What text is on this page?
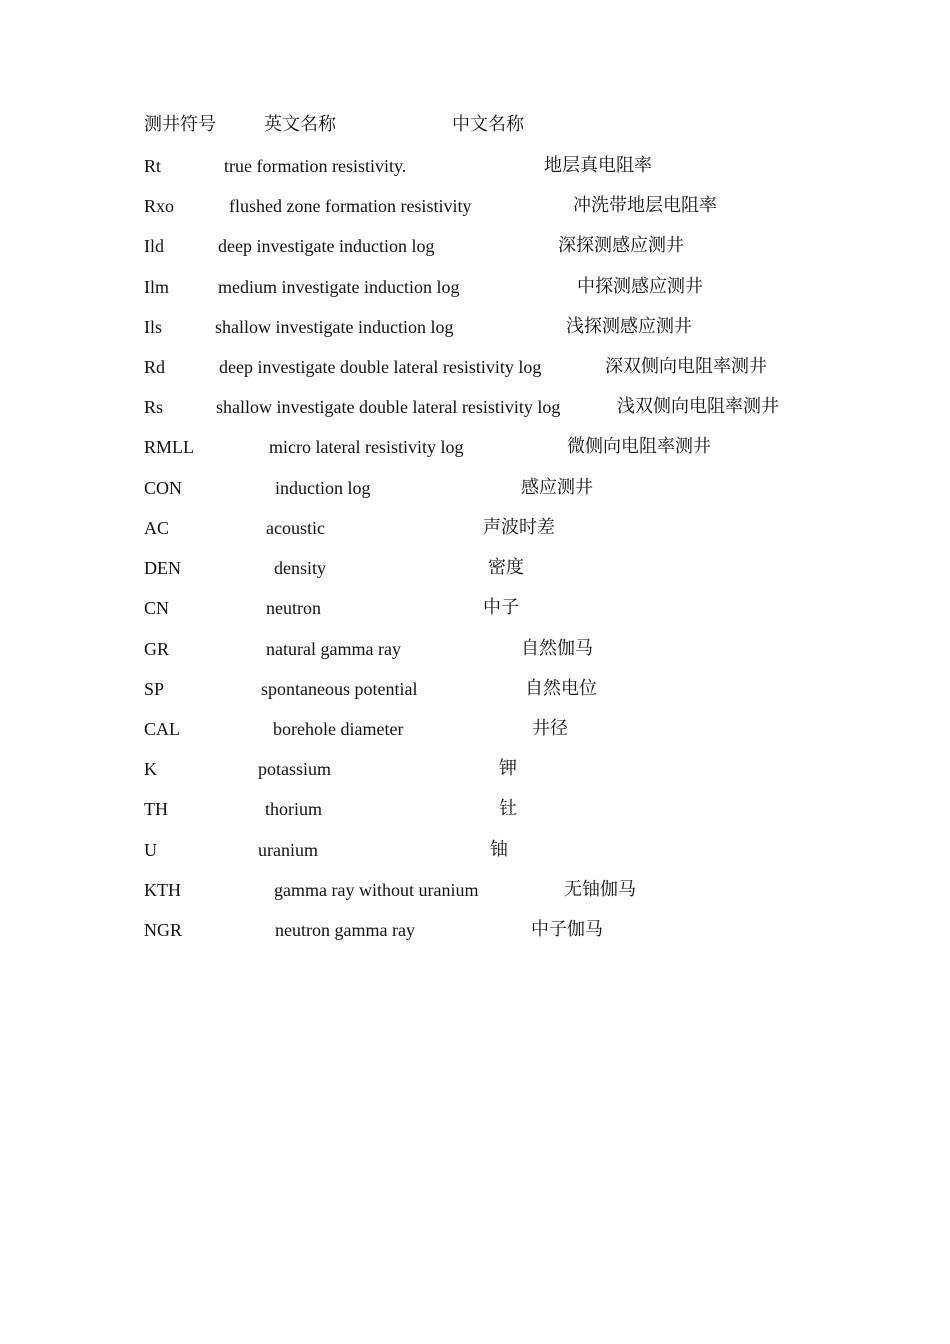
测井符号	英文名称	中文名称
Rt	true formation resistivity.	地层真电阻率
Rxo	flushed zone formation resistivity	冲洗带地层电阻率
Ild	deep investigate induction log	深探测感应测井
Ilm	medium investigate induction log	中探测感应测井
Ils	shallow investigate induction log	浅探测感应测井
Rd	deep investigate double lateral resistivity log	深双侧向电阻率测井
Rs	shallow investigate double lateral resistivity log	浅双侧向电阻率测井
RMLL	micro lateral resistivity log	微侧向电阻率测井
CON	induction log	感应测井
AC	acoustic	声波时差
DEN	density	密度
CN	neutron	中子
GR	natural gamma ray	自然伽马
SP	spontaneous potential	自然电位
CAL	borehole diameter	井径
K	potassium	钾
TH	thorium	钍
U	uranium	铀
KTH	gamma ray without uranium	无铀伽马
NGR	neutron gamma ray	中子伽马
